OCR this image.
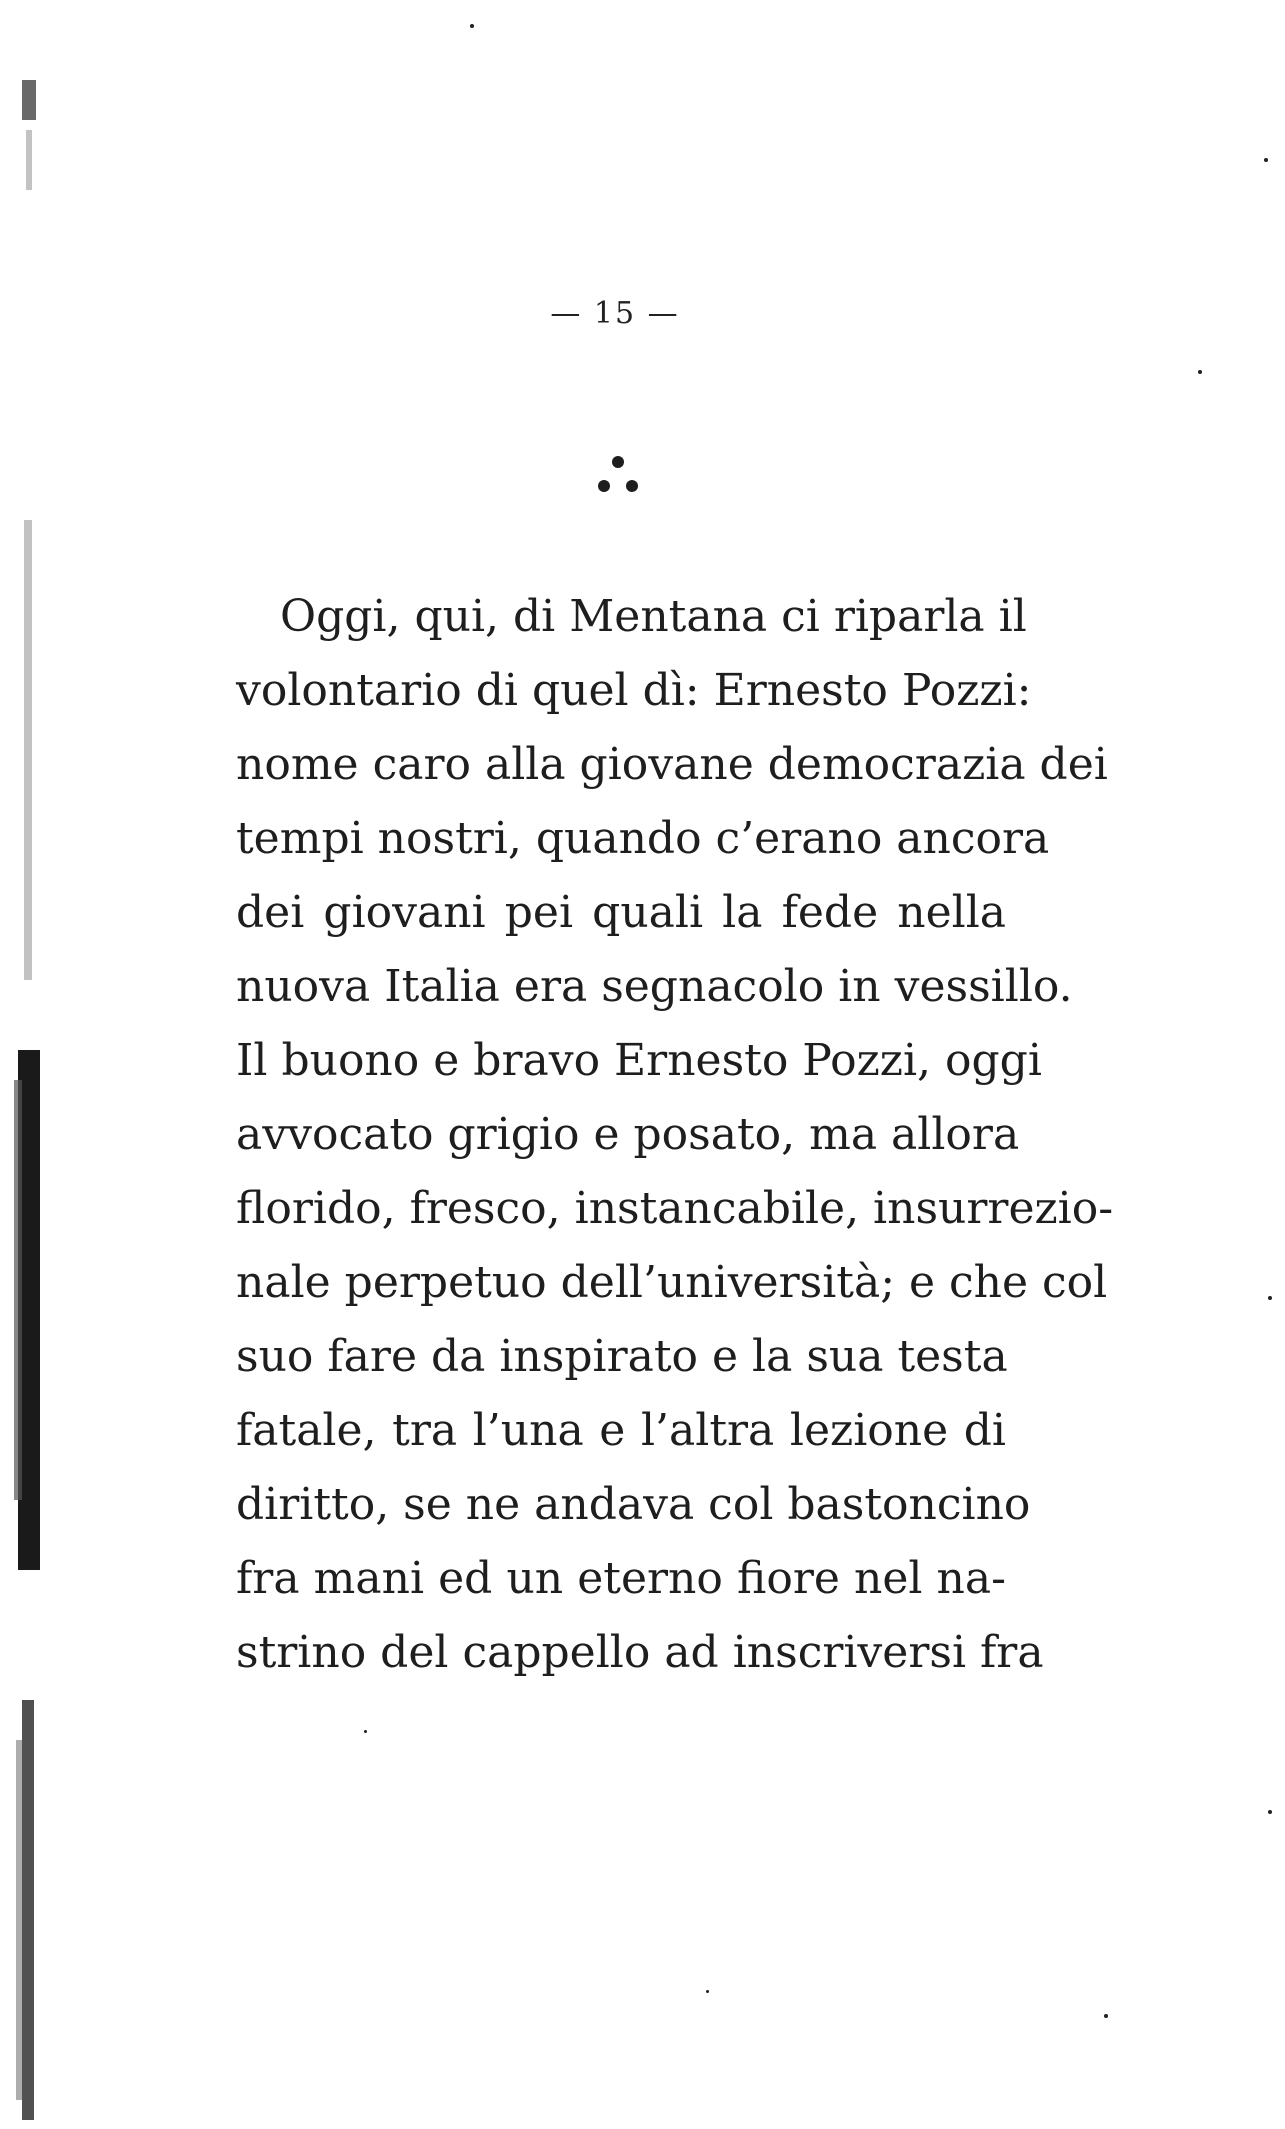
— 15 —
Oggi, qui, di Mentana ci riparla il
volontario di quel dì: Ernesto Pozzi:
nome caro alla giovane democrazia dei
tempi nostri, quando c’erano ancora
dei giovani pei quali la fede nella
nuova Italia era segnacolo in vessillo.
Il buono e bravo Ernesto Pozzi, oggi
avvocato grigio e posato, ma allora
florido, fresco, instancabile, insurrezio-
nale perpetuo dell’università; e che col
suo fare da inspirato e la sua testa
fatale, tra l’una e l’altra lezione di
diritto, se ne andava col bastoncino
fra mani ed un eterno fiore nel na-
strino del cappello ad inscriversi fra
